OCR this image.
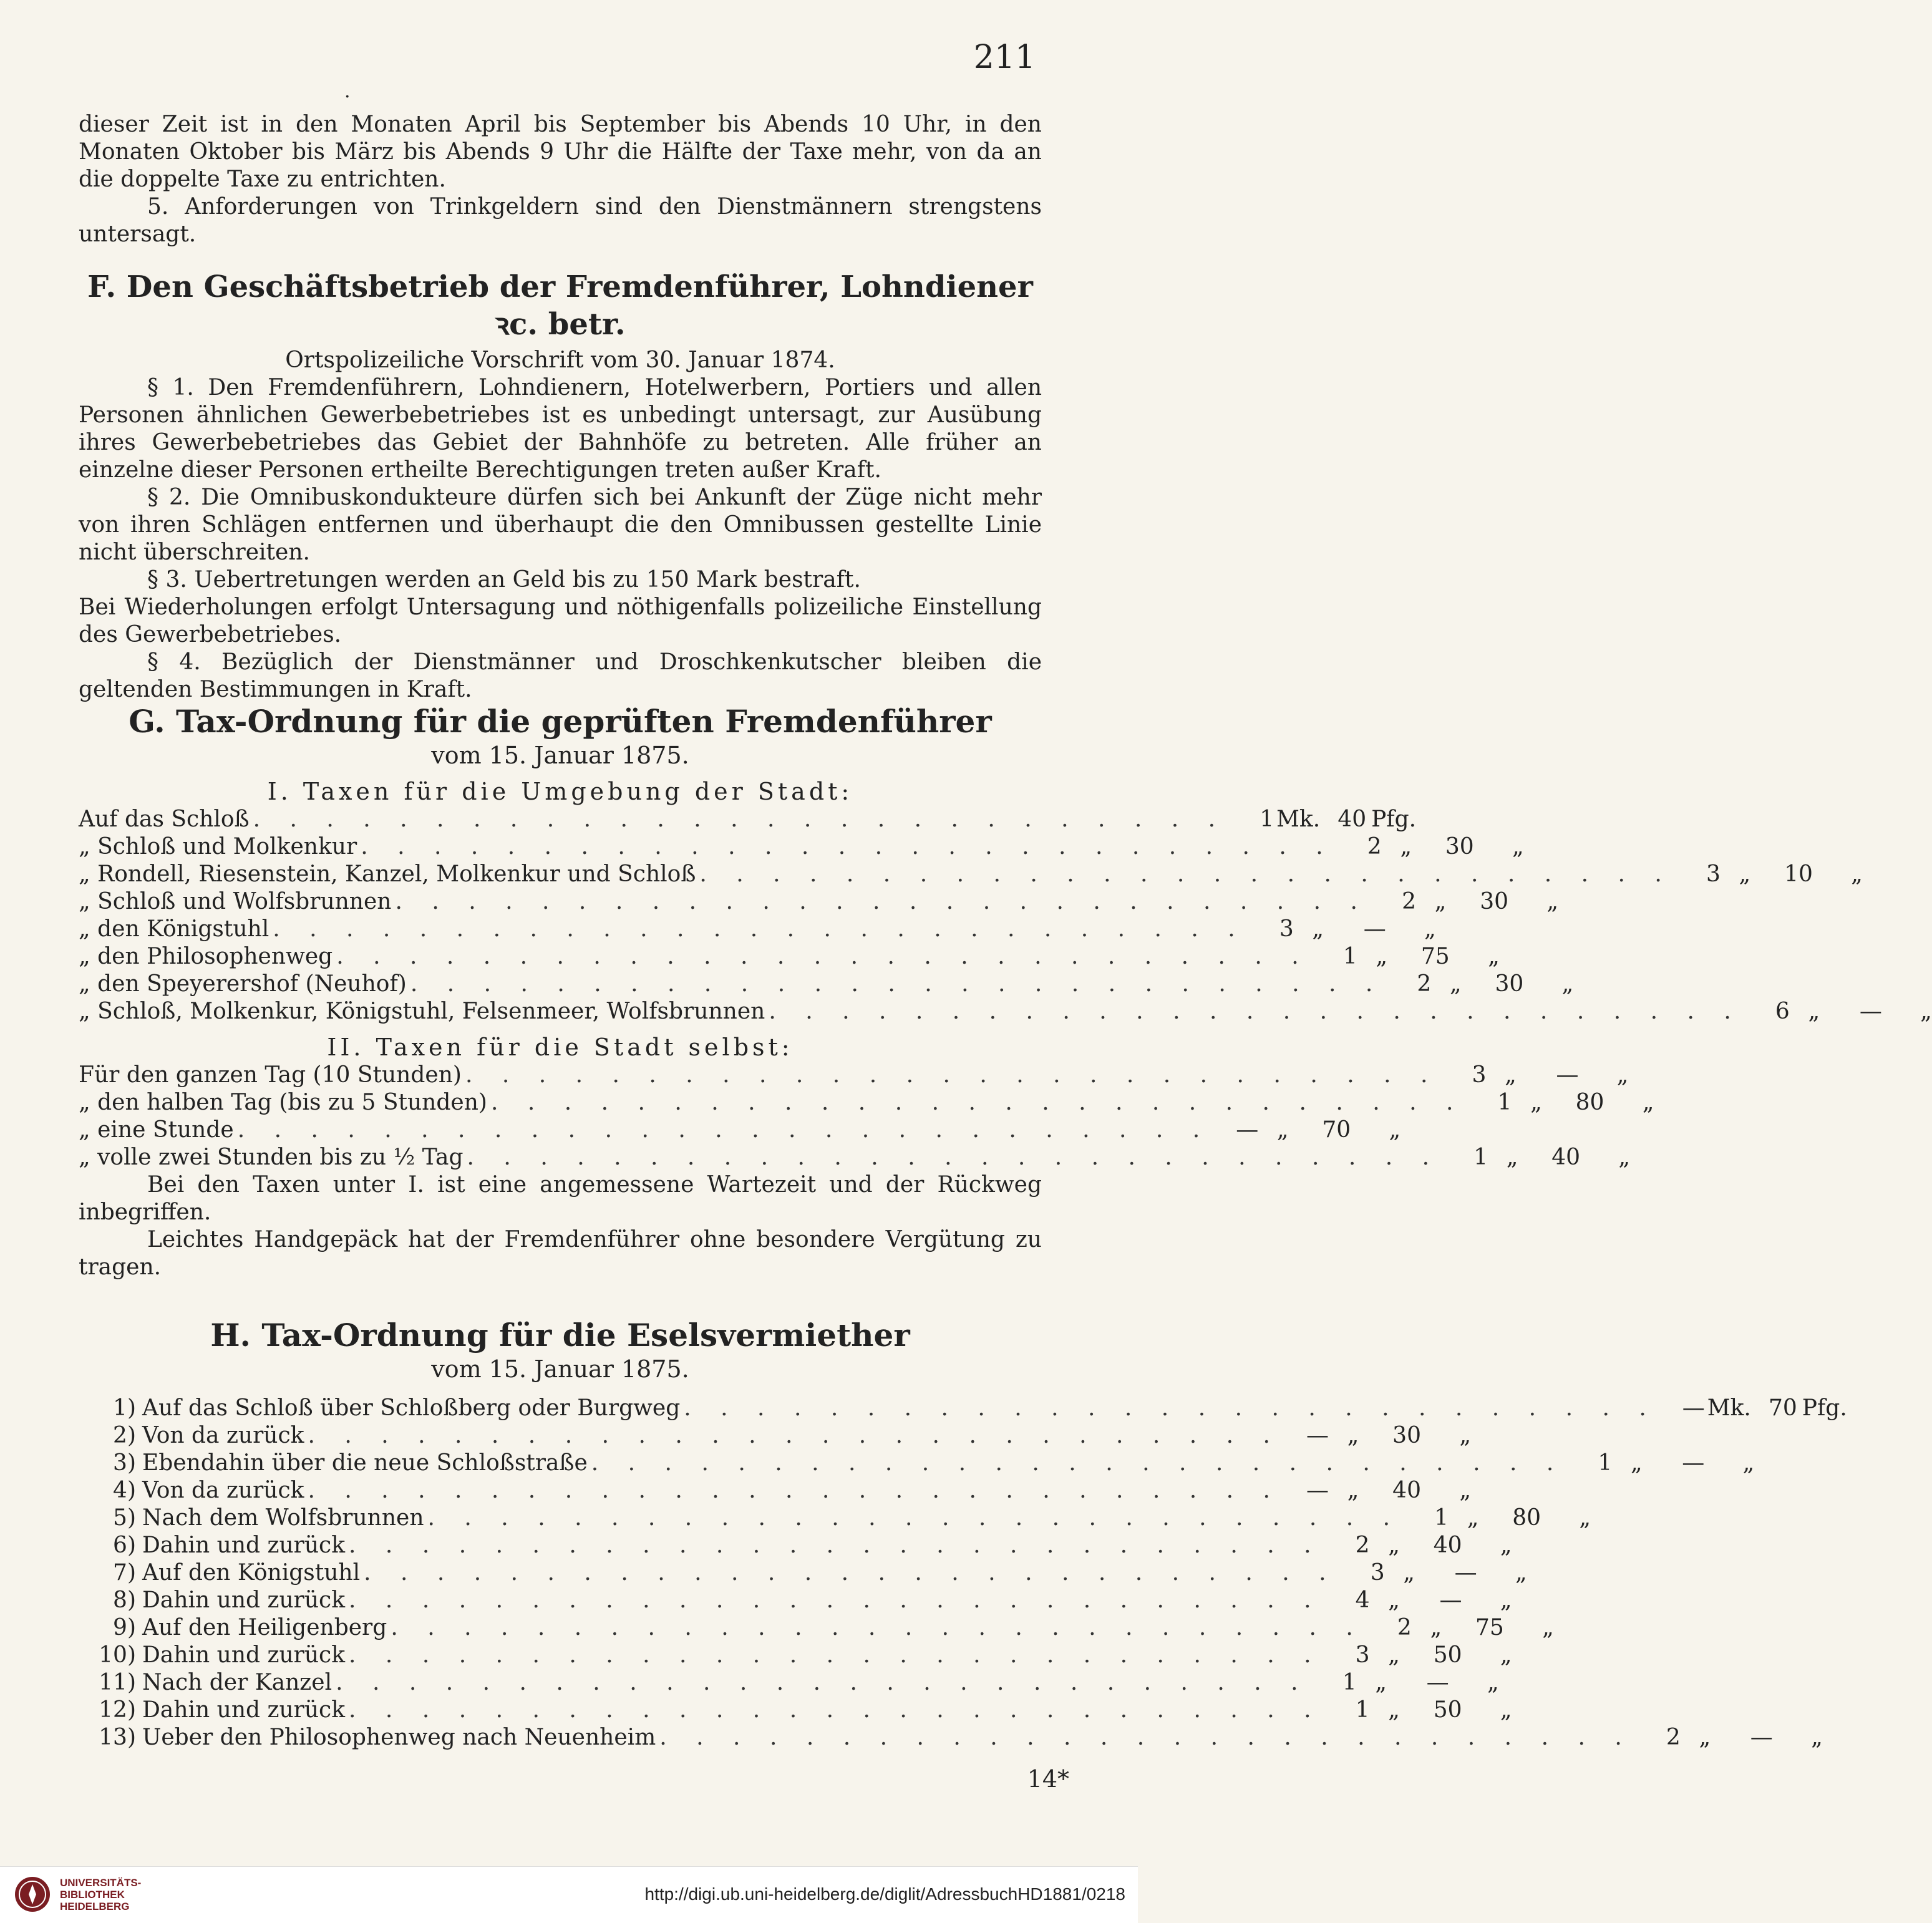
211
·

dieser Zeit ist in den Monaten April bis September bis Abends 10 Uhr, in den Monaten Oktober bis März bis Abends 9 Uhr die Hälfte der Taxe mehr, von da an die doppelte Taxe zu entrichten.

5. Anforderungen von Trinkgeldern sind den Dienstmännern strengstens untersagt.

F. Den Geschäftsbetrieb der Fremdenführer, Lohndiener ꝛc. betr.
Ortspolizeiliche Vorschrift vom 30. Januar 1874.

§ 1. Den Fremdenführern, Lohndienern, Hotelwerbern, Portiers und allen Personen ähnlichen Gewerbebetriebes ist es unbedingt untersagt, zur Ausübung ihres Gewerbebetriebes das Gebiet der Bahnhöfe zu betreten. Alle früher an einzelne dieser Personen ertheilte Berechtigungen treten außer Kraft.

§ 2. Die Omnibuskondukteure dürfen sich bei Ankunft der Züge nicht mehr von ihren Schlägen entfernen und überhaupt die den Omnibussen gestellte Linie nicht überschreiten.

§ 3. Uebertretungen werden an Geld bis zu 150 Mark bestraft.

Bei Wiederholungen erfolgt Untersagung und nöthigenfalls polizeiliche Einstellung des Gewerbebetriebes.

§ 4. Bezüglich der Dienstmänner und Droschkenkutscher bleiben die geltenden Bestimmungen in Kraft.

G. Tax-Ordnung für die geprüften Fremdenführer
vom 15. Januar 1875.
I. Taxen für die Umgebung der Stadt:
Auf das Schloß . . . . . . . . . . . . . . . . . . . . . . . . . . .	1 Mk. 40 Pfg.
„ Schloß und Molkenkur . . . . . . . . . . . . . . . . . . . . . . . . . . .	2 „	30	„
„ Rondell, Riesenstein, Kanzel, Molkenkur und Schloß . . . . . . . . . . . . . . . . . . . . . . . . . . .	3 „	10	„
„ Schloß und Wolfsbrunnen . . . . . . . . . . . . . . . . . . . . . . . . . . .	2 „	30	„
„ den Königstuhl . . . . . . . . . . . . . . . . . . . . . . . . . . .	3 „	—	„
„ den Philosophenweg . . . . . . . . . . . . . . . . . . . . . . . . . . .	1 „	75	„
„ den Speyerershof (Neuhof) . . . . . . . . . . . . . . . . . . . . . . . . . . .	2 „	30	„
„ Schloß, Molkenkur, Königstuhl, Felsenmeer, Wolfsbrunnen . . . . . . . . . . . . . . . . . . . . . . . . . . .	6 „	—	„
II. Taxen für die Stadt selbst:
Für den ganzen Tag (10 Stunden) . . . . . . . . . . . . . . . . . . . . . . . . . . .	3 „	—	„
„ den halben Tag (bis zu 5 Stunden) . . . . . . . . . . . . . . . . . . . . . . . . . . .	1 „	80	„
„ eine Stunde . . . . . . . . . . . . . . . . . . . . . . . . . . .	— „	70	„
„ volle zwei Stunden bis zu ½ Tag . . . . . . . . . . . . . . . . . . . . . . . . . . .	1 „	40	„

Bei den Taxen unter I. ist eine angemessene Wartezeit und der Rückweg inbegriffen.

Leichtes Handgepäck hat der Fremdenführer ohne besondere Vergütung zu tragen.

H. Tax-Ordnung für die Eselsvermiether
vom 15. Januar 1875.
1) Auf das Schloß über Schloßberg oder Burgweg . . . . . . . . . . . . . . . . . . . . . . . . . . .	— Mk. 70 Pfg.
2) Von da zurück . . . . . . . . . . . . . . . . . . . . . . . . . . .	— „	30	„
3) Ebendahin über die neue Schloßstraße . . . . . . . . . . . . . . . . . . . . . . . . . . .	1 „	—	„
4) Von da zurück . . . . . . . . . . . . . . . . . . . . . . . . . . .	— „	40	„
5) Nach dem Wolfsbrunnen . . . . . . . . . . . . . . . . . . . . . . . . . . .	1 „	80	„
6) Dahin und zurück . . . . . . . . . . . . . . . . . . . . . . . . . . .	2 „	40	„
7) Auf den Königstuhl . . . . . . . . . . . . . . . . . . . . . . . . . . .	3 „	—	„
8) Dahin und zurück . . . . . . . . . . . . . . . . . . . . . . . . . . .	4 „	—	„
9) Auf den Heiligenberg . . . . . . . . . . . . . . . . . . . . . . . . . . .	2 „	75	„
10) Dahin und zurück . . . . . . . . . . . . . . . . . . . . . . . . . . .	3 „	50	„
11) Nach der Kanzel . . . . . . . . . . . . . . . . . . . . . . . . . . .	1 „	—	„
12) Dahin und zurück . . . . . . . . . . . . . . . . . . . . . . . . . . .	1 „	50	„
13) Ueber den Philosophenweg nach Neuenheim . . . . . . . . . . . . . . . . . . . . . . . . . . .	2 „	—	„
14*
UNIVERSITÄTS-
BIBLIOTHEK
HEIDELBERG
http://digi.ub.uni-heidelberg.de/diglit/AdressbuchHD1881/0218
